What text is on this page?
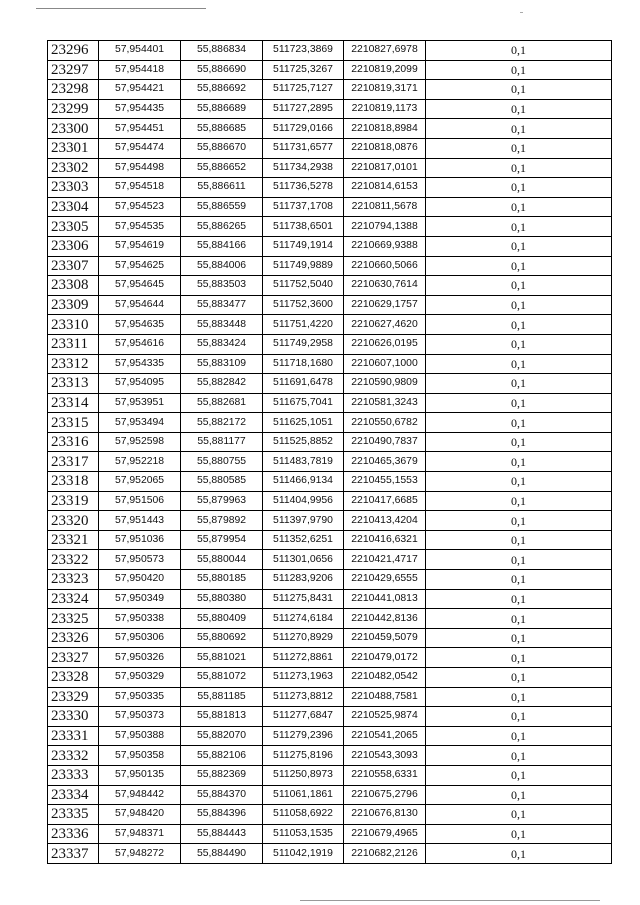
23296	57,954401	55,886834	511723,3869	2210827,6978	0,1
23297	57,954418	55,886690	511725,3267	2210819,2099	0,1
23298	57,954421	55,886692	511725,7127	2210819,3171	0,1
23299	57,954435	55,886689	511727,2895	2210819,1173	0,1
23300	57,954451	55,886685	511729,0166	2210818,8984	0,1
23301	57,954474	55,886670	511731,6577	2210818,0876	0,1
23302	57,954498	55,886652	511734,2938	2210817,0101	0,1
23303	57,954518	55,886611	511736,5278	2210814,6153	0,1
23304	57,954523	55,886559	511737,1708	2210811,5678	0,1
23305	57,954535	55,886265	511738,6501	2210794,1388	0,1
23306	57,954619	55,884166	511749,1914	2210669,9388	0,1
23307	57,954625	55,884006	511749,9889	2210660,5066	0,1
23308	57,954645	55,883503	511752,5040	2210630,7614	0,1
23309	57,954644	55,883477	511752,3600	2210629,1757	0,1
23310	57,954635	55,883448	511751,4220	2210627,4620	0,1
23311	57,954616	55,883424	511749,2958	2210626,0195	0,1
23312	57,954335	55,883109	511718,1680	2210607,1000	0,1
23313	57,954095	55,882842	511691,6478	2210590,9809	0,1
23314	57,953951	55,882681	511675,7041	2210581,3243	0,1
23315	57,953494	55,882172	511625,1051	2210550,6782	0,1
23316	57,952598	55,881177	511525,8852	2210490,7837	0,1
23317	57,952218	55,880755	511483,7819	2210465,3679	0,1
23318	57,952065	55,880585	511466,9134	2210455,1553	0,1
23319	57,951506	55,879963	511404,9956	2210417,6685	0,1
23320	57,951443	55,879892	511397,9790	2210413,4204	0,1
23321	57,951036	55,879954	511352,6251	2210416,6321	0,1
23322	57,950573	55,880044	511301,0656	2210421,4717	0,1
23323	57,950420	55,880185	511283,9206	2210429,6555	0,1
23324	57,950349	55,880380	511275,8431	2210441,0813	0,1
23325	57,950338	55,880409	511274,6184	2210442,8136	0,1
23326	57,950306	55,880692	511270,8929	2210459,5079	0,1
23327	57,950326	55,881021	511272,8861	2210479,0172	0,1
23328	57,950329	55,881072	511273,1963	2210482,0542	0,1
23329	57,950335	55,881185	511273,8812	2210488,7581	0,1
23330	57,950373	55,881813	511277,6847	2210525,9874	0,1
23331	57,950388	55,882070	511279,2396	2210541,2065	0,1
23332	57,950358	55,882106	511275,8196	2210543,3093	0,1
23333	57,950135	55,882369	511250,8973	2210558,6331	0,1
23334	57,948442	55,884370	511061,1861	2210675,2796	0,1
23335	57,948420	55,884396	511058,6922	2210676,8130	0,1
23336	57,948371	55,884443	511053,1535	2210679,4965	0,1
23337	57,948272	55,884490	511042,1919	2210682,2126	0,1
